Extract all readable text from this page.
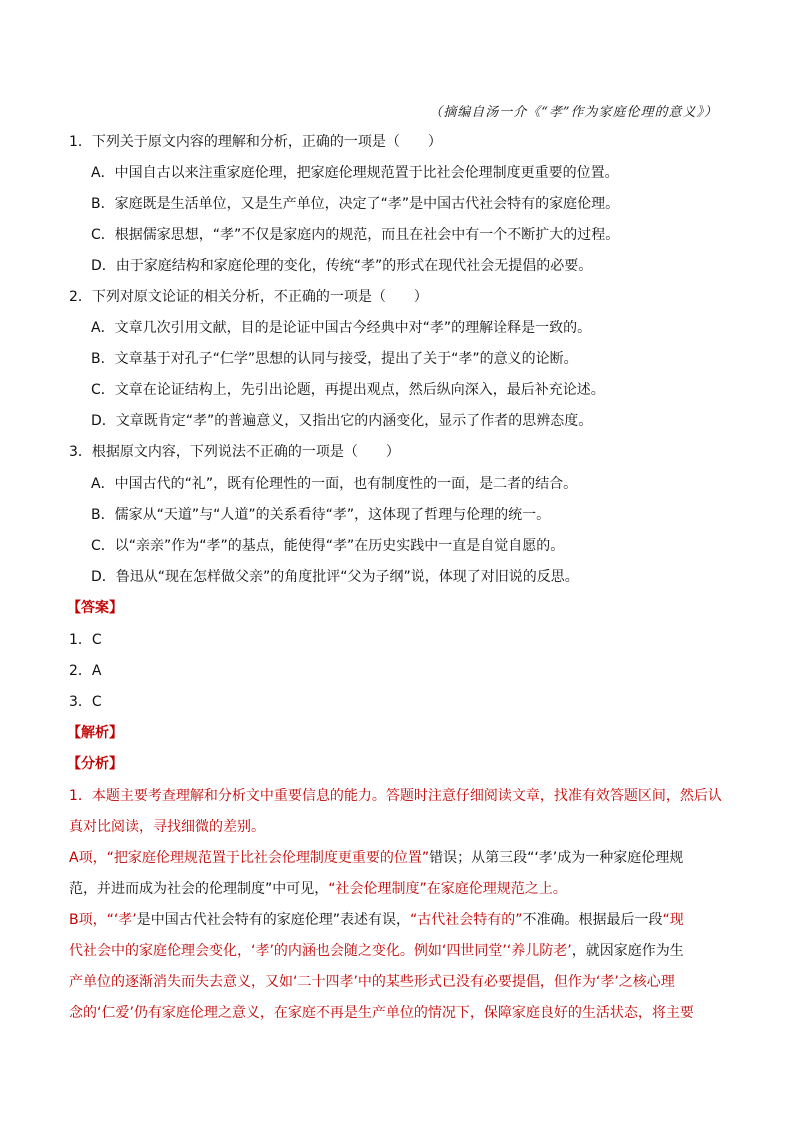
（摘编自汤一介《“孝”作为家庭伦理的意义》）
1．下列关于原文内容的理解和分析，正确的一项是（　　）
A．中国自古以来注重家庭伦理，把家庭伦理规范置于比社会伦理制度更重要的位置。
B．家庭既是生活单位，又是生产单位，决定了“孝”是中国古代社会特有的家庭伦理。
C．根据儒家思想，“孝”不仅是家庭内的规范，而且在社会中有一个不断扩大的过程。
D．由于家庭结构和家庭伦理的变化，传统“孝”的形式在现代社会无提倡的必要。
2．下列对原文论证的相关分析，不正确的一项是（　　）
A．文章几次引用文献，目的是论证中国古今经典中对“孝”的理解诠释是一致的。
B．文章基于对孔子“仁学”思想的认同与接受，提出了关于“孝”的意义的论断。
C．文章在论证结构上，先引出论题，再提出观点，然后纵向深入，最后补充论述。
D．文章既肯定“孝”的普遍意义，又指出它的内涵变化，显示了作者的思辨态度。
3．根据原文内容，下列说法不正确的一项是（　　）
A．中国古代的“礼”，既有伦理性的一面，也有制度性的一面，是二者的结合。
B．儒家从“天道”与“人道”的关系看待“孝”，这体现了哲理与伦理的统一。
C．以“亲亲”作为“孝”的基点，能使得“孝”在历史实践中一直是自觉自愿的。
D．鲁迅从“现在怎样做父亲”的角度批评“父为子纲”说，体现了对旧说的反思。
【答案】
1．C
2．A
3．C
【解析】
【分析】
1．本题主要考查理解和分析文中重要信息的能力。答题时注意仔细阅读文章，找准有效答题区间，然后认
真对比阅读，寻找细微的差别。
A项，“把家庭伦理规范置于比社会伦理制度更重要的位置”错误；从第三段“‘孝’成为一种家庭伦理规
范，并进而成为社会的伦理制度”中可见，“社会伦理制度”在家庭伦理规范之上。
B项，“‘孝’是中国古代社会特有的家庭伦理”表述有误，“古代社会特有的”不准确。根据最后一段“现
代社会中的家庭伦理会变化，‘孝’的内涵也会随之变化。例如‘四世同堂’‘养儿防老’，就因家庭作为生
产单位的逐渐消失而失去意义，又如‘二十四孝’中的某些形式已没有必要提倡，但作为‘孝’之核心理
念的‘仁爱’仍有家庭伦理之意义，在家庭不再是生产单位的情况下，保障家庭良好的生活状态，将主要
